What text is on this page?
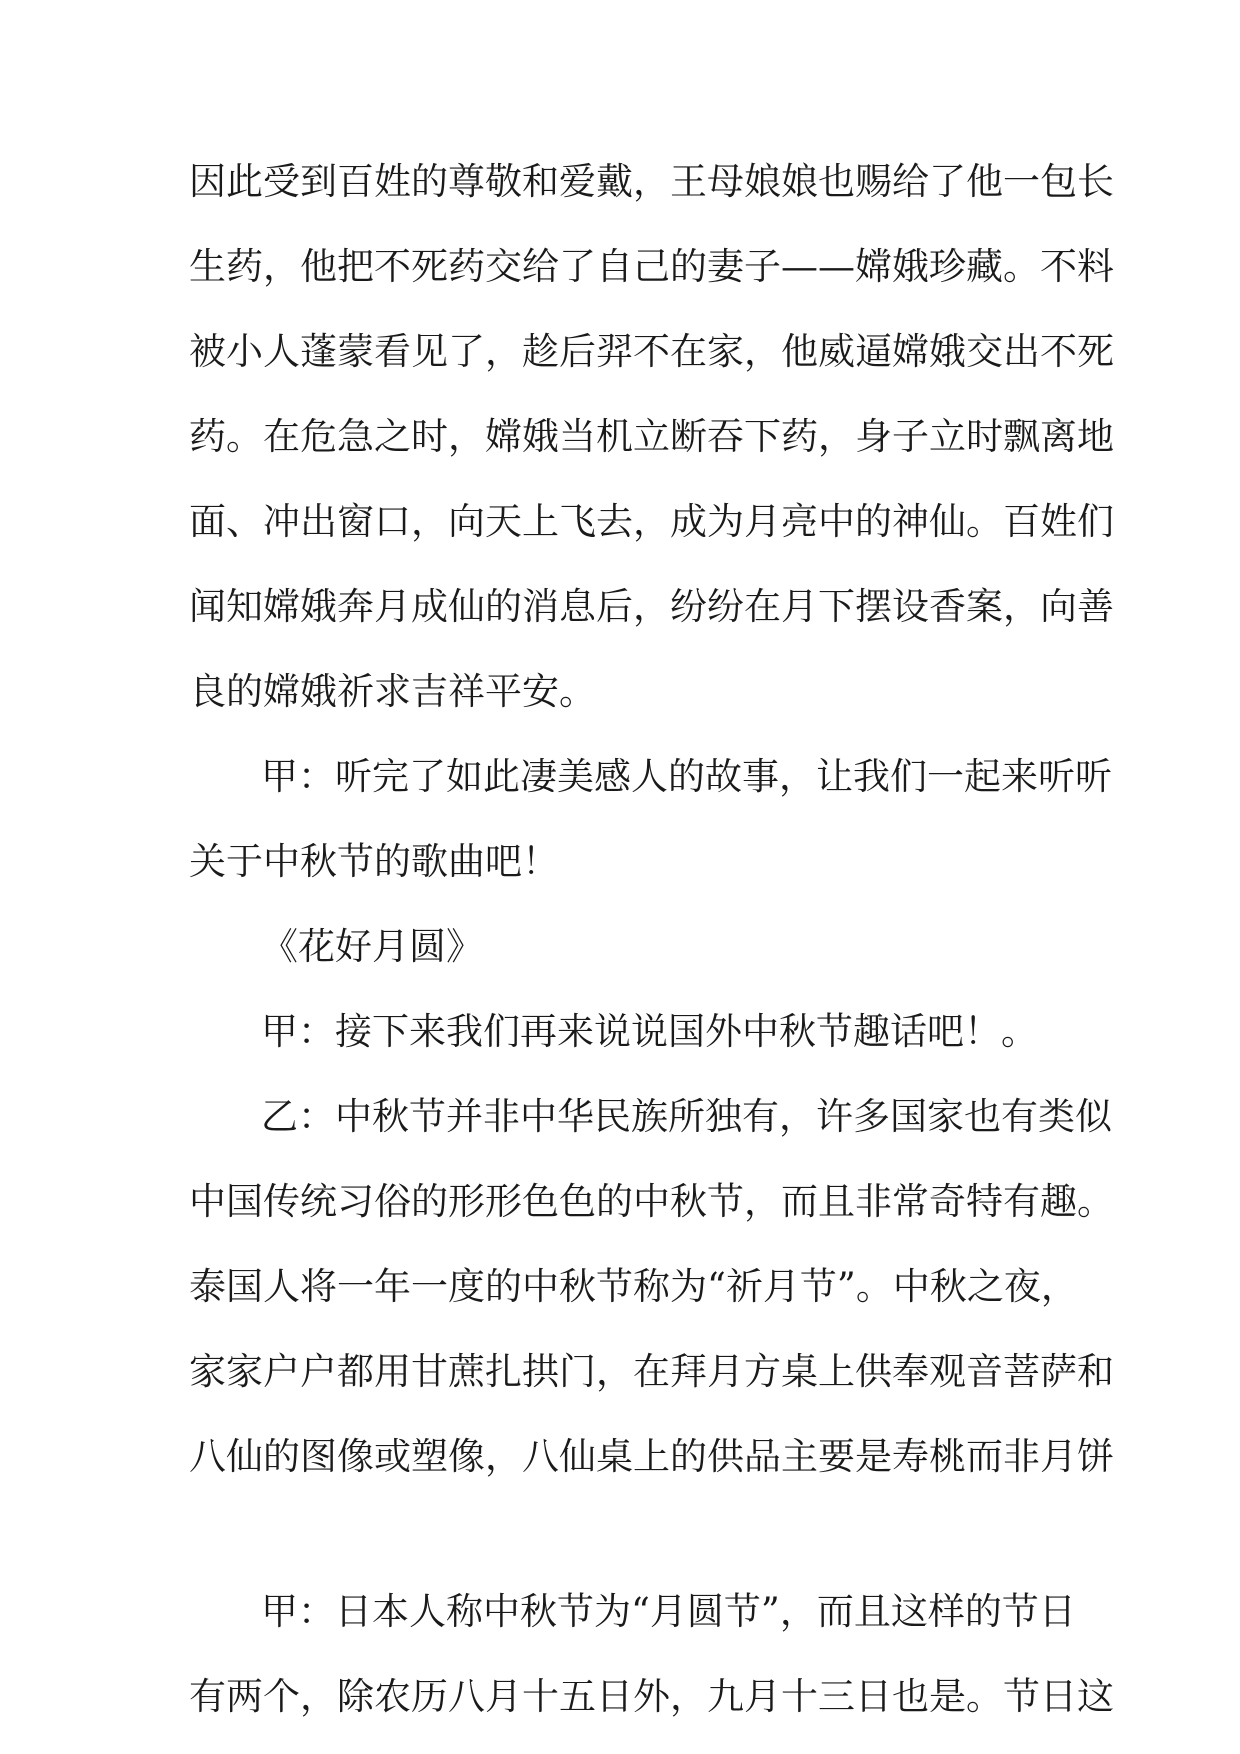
因此受到百姓的尊敬和爱戴，王母娘娘也赐给了他一包长
生药，他把不死药交给了自己的妻子——嫦娥珍藏。不料
被小人蓬蒙看见了，趁后羿不在家，他威逼嫦娥交出不死
药。在危急之时，嫦娥当机立断吞下药，身子立时飘离地
面、冲出窗口，向天上飞去，成为月亮中的神仙。百姓们
闻知嫦娥奔月成仙的消息后，纷纷在月下摆设香案，向善
良的嫦娥祈求吉祥平安。
甲：听完了如此凄美感人的故事，让我们一起来听听
关于中秋节的歌曲吧！
《花好月圆》
甲：接下来我们再来说说国外中秋节趣话吧！。
乙：中秋节并非中华民族所独有，许多国家也有类似
中国传统习俗的形形色色的中秋节，而且非常奇特有趣。
泰国人将一年一度的中秋节称为“祈月节”。中秋之夜，
家家户户都用甘蔗扎拱门，在拜月方桌上供奉观音菩萨和
八仙的图像或塑像，八仙桌上的供品主要是寿桃而非月饼
甲：日本人称中秋节为“月圆节”，而且这样的节日
有两个，除农历八月十五日外，九月十三日也是。节日这
